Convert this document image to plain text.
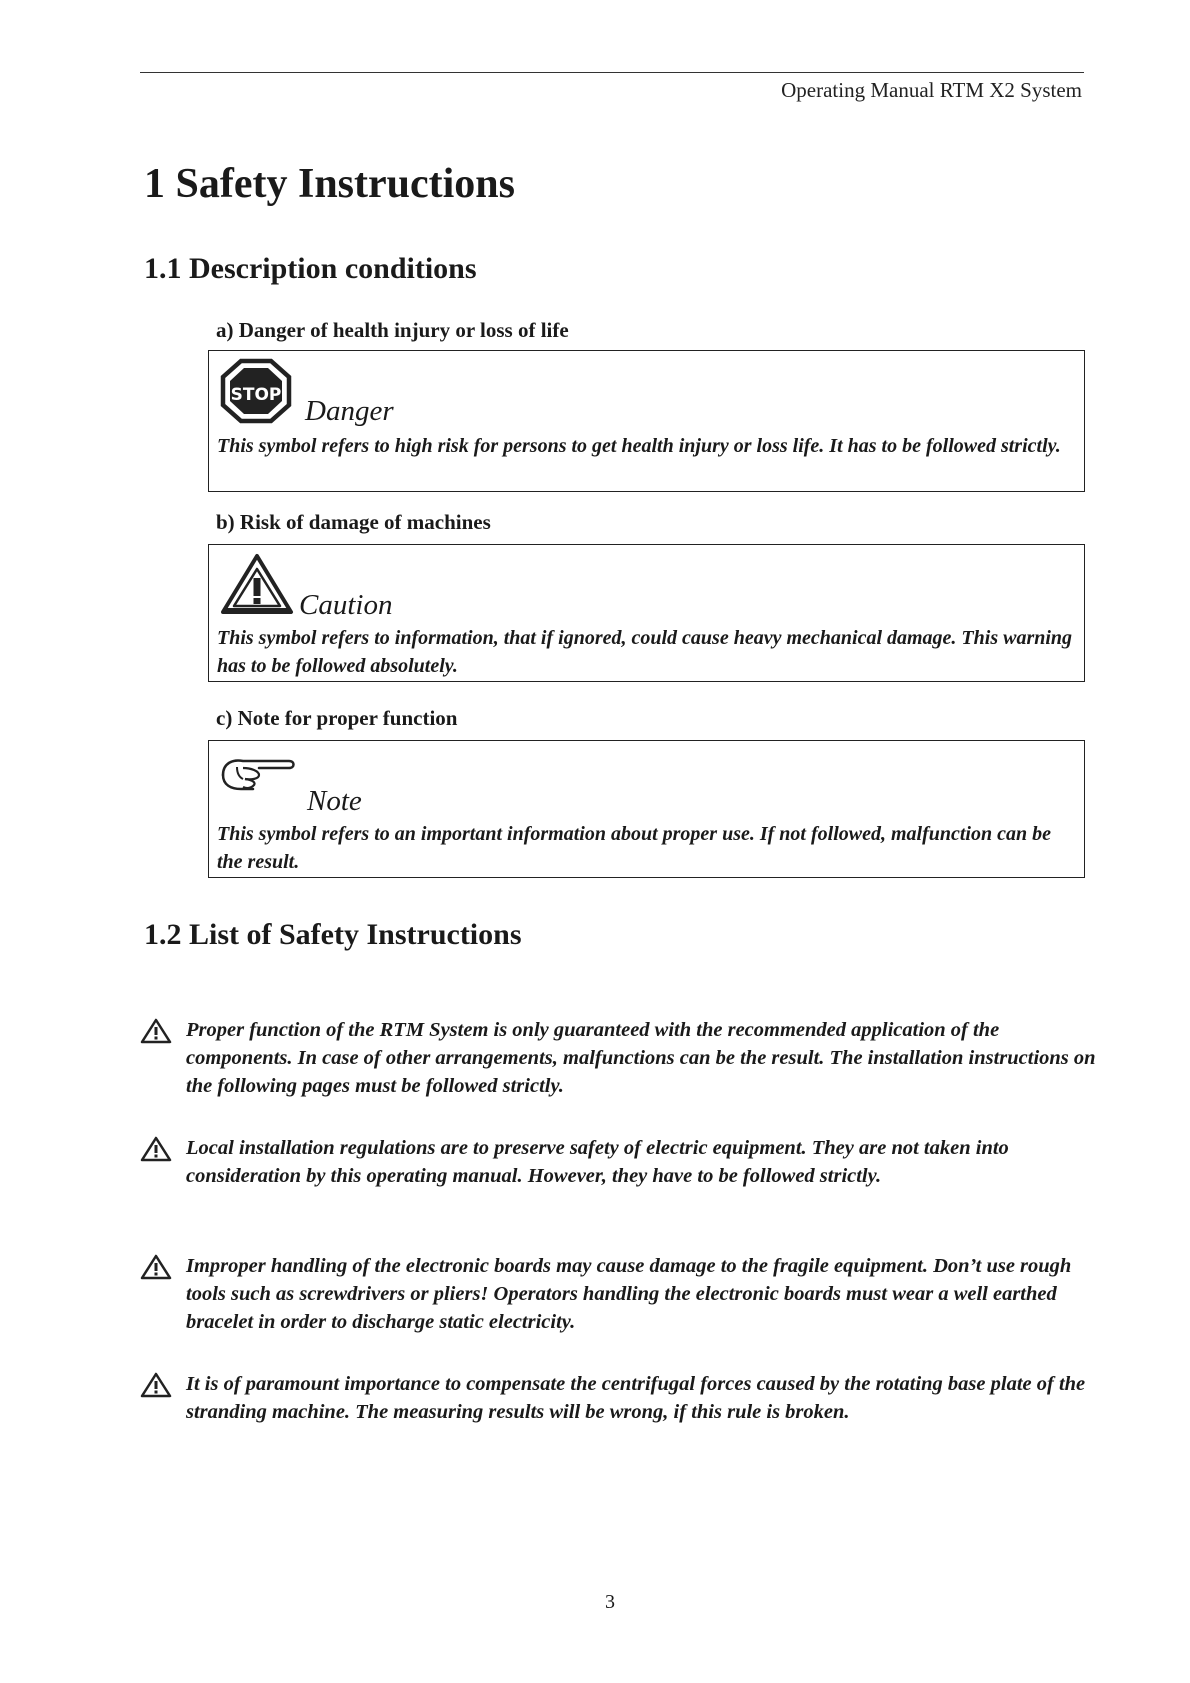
Operating Manual RTM X2 System
1 Safety Instructions
1.1 Description conditions

a) Danger of health injury or loss of life

STOP Danger
This symbol refers to high risk for persons to get health injury or loss life. It has to be followed strictly.

b) Risk of damage of machines

Caution
This symbol refers to information, that if ignored, could cause heavy mechanical damage. This warning has to be followed absolutely.

c) Note for proper function

Note
This symbol refers to an important information about proper use. If not followed, malfunction can be the result.
1.2 List of Safety Instructions
Proper function of the RTM System is only guaranteed with the recommended application of the components. In case of other arrangements, malfunctions can be the result. The installation instructions on the following pages must be followed strictly.
Local installation regulations are to preserve safety of electric equipment. They are not taken into consideration by this operating manual. However, they have to be followed strictly.
Improper handling of the electronic boards may cause damage to the fragile equipment. Don’t use rough tools such as screwdrivers or pliers! Operators handling the electronic boards must wear a well earthed bracelet in order to discharge static electricity.
It is of paramount importance to compensate the centrifugal forces caused by the rotating base plate of the stranding machine. The measuring results will be wrong, if this rule is broken.
3
